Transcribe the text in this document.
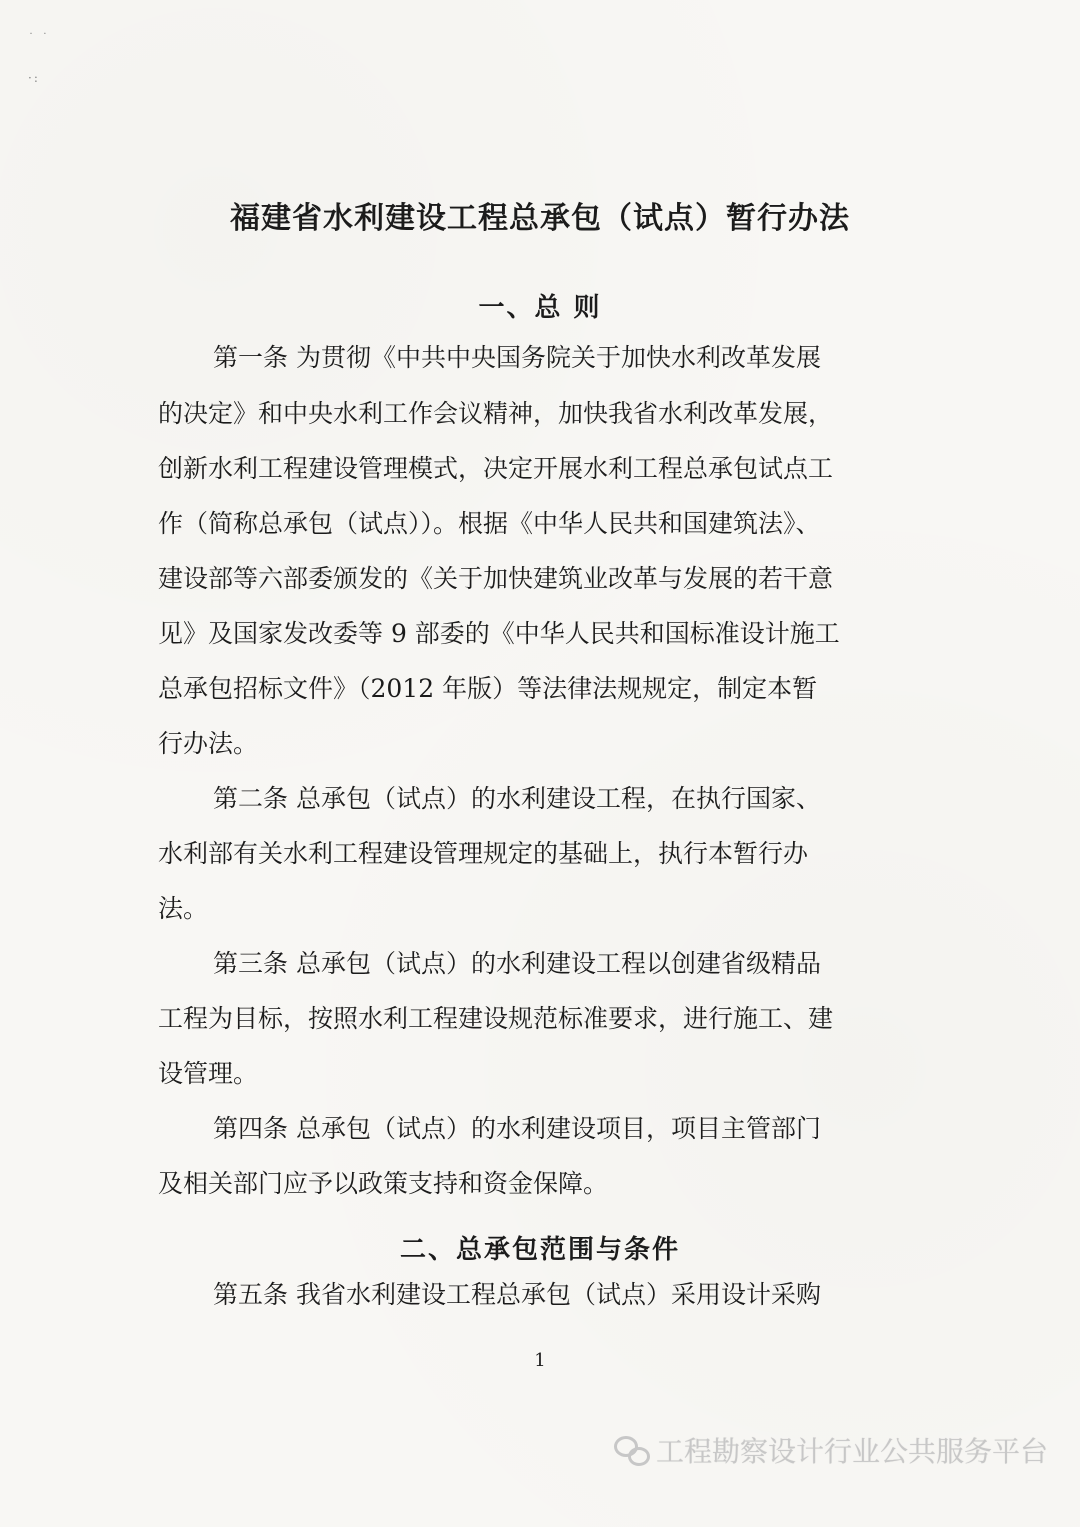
˙ ˙
·:
福建省水利建设工程总承包（试点）暂行办法
一、总 则
第一条 为贯彻《中共中央国务院关于加快水利改革发展
的决定》和中央水利工作会议精神，加快我省水利改革发展，
创新水利工程建设管理模式，决定开展水利工程总承包试点工
作（简称总承包（试点））。根据《中华人民共和国建筑法》、
建设部等六部委颁发的《关于加快建筑业改革与发展的若干意
见》及国家发改委等 9 部委的《中华人民共和国标准设计施工
总承包招标文件》（2012 年版）等法律法规规定，制定本暂
行办法。
第二条 总承包（试点）的水利建设工程，在执行国家、
水利部有关水利工程建设管理规定的基础上，执行本暂行办
法。
第三条 总承包（试点）的水利建设工程以创建省级精品
工程为目标，按照水利工程建设规范标准要求，进行施工、建
设管理。
第四条 总承包（试点）的水利建设项目，项目主管部门
及相关部门应予以政策支持和资金保障。
二、总承包范围与条件
第五条 我省水利建设工程总承包（试点）采用设计采购
1
工程勘察设计行业公共服务平台
